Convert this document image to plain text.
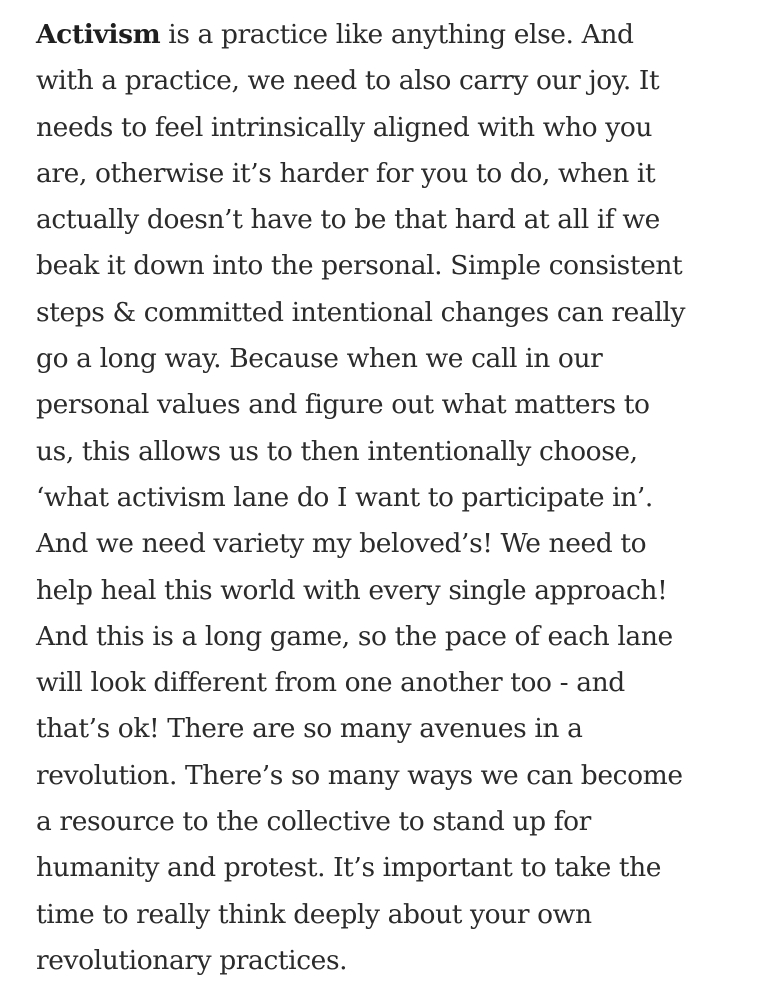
Activism is a practice like anything else. And
with a practice, we need to also carry our joy. It
needs to feel intrinsically aligned with who you
are, otherwise it’s harder for you to do, when it
actually doesn’t have to be that hard at all if we
beak it down into the personal. Simple consistent
steps & committed intentional changes can really
go a long way. Because when we call in our
personal values and figure out what matters to
us, this allows us to then intentionally choose,
‘what activism lane do I want to participate in’.
And we need variety my beloved’s! We need to
help heal this world with every single approach!
And this is a long game, so the pace of each lane
will look different from one another too - and
that’s ok! There are so many avenues in a
revolution. There’s so many ways we can become
a resource to the collective to stand up for
humanity and protest. It’s important to take the
time to really think deeply about your own
revolutionary practices.
